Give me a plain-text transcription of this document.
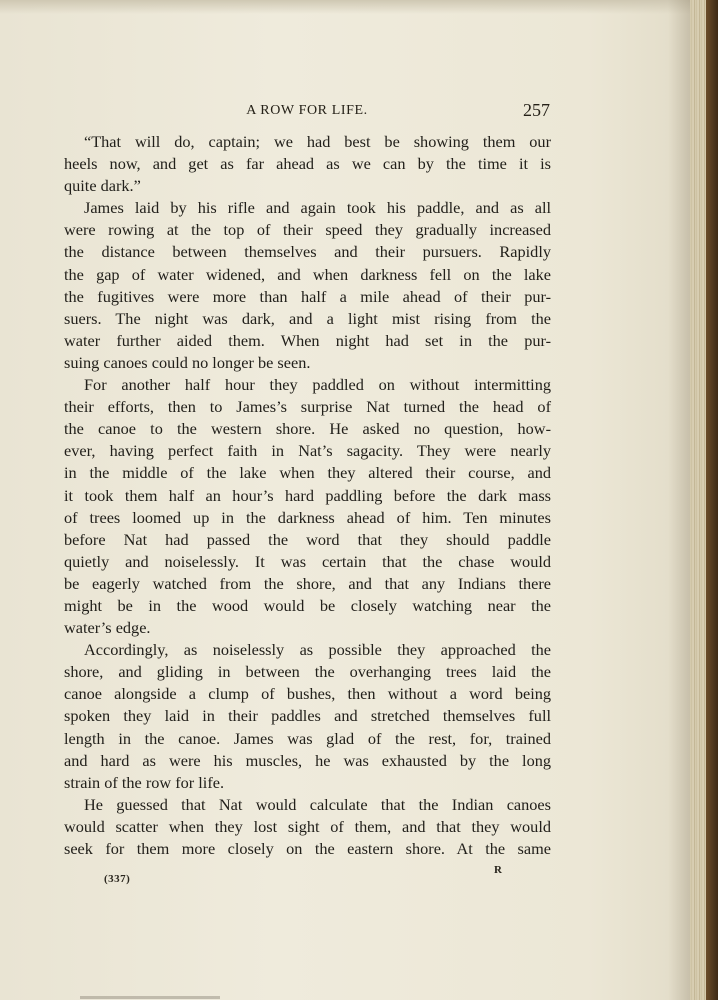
A ROW FOR LIFE.	257
“That will do, captain; we had best be showing them our
heels now, and get as far ahead as we can by the time it is
quite dark.”
James laid by his rifle and again took his paddle, and as all
were rowing at the top of their speed they gradually increased
the distance between themselves and their pursuers. Rapidly
the gap of water widened, and when darkness fell on the lake
the fugitives were more than half a mile ahead of their pur-
suers. The night was dark, and a light mist rising from the
water further aided them. When night had set in the pur-
suing canoes could no longer be seen.
For another half hour they paddled on without intermitting
their efforts, then to James’s surprise Nat turned the head of
the canoe to the western shore. He asked no question, how-
ever, having perfect faith in Nat’s sagacity. They were nearly
in the middle of the lake when they altered their course, and
it took them half an hour’s hard paddling before the dark mass
of trees loomed up in the darkness ahead of him. Ten minutes
before Nat had passed the word that they should paddle
quietly and noiselessly. It was certain that the chase would
be eagerly watched from the shore, and that any Indians there
might be in the wood would be closely watching near the
water’s edge.
Accordingly, as noiselessly as possible they approached the
shore, and gliding in between the overhanging trees laid the
canoe alongside a clump of bushes, then without a word being
spoken they laid in their paddles and stretched themselves full
length in the canoe. James was glad of the rest, for, trained
and hard as were his muscles, he was exhausted by the long
strain of the row for life.
He guessed that Nat would calculate that the Indian canoes
would scatter when they lost sight of them, and that they would
seek for them more closely on the eastern shore. At the same
(337)
R
